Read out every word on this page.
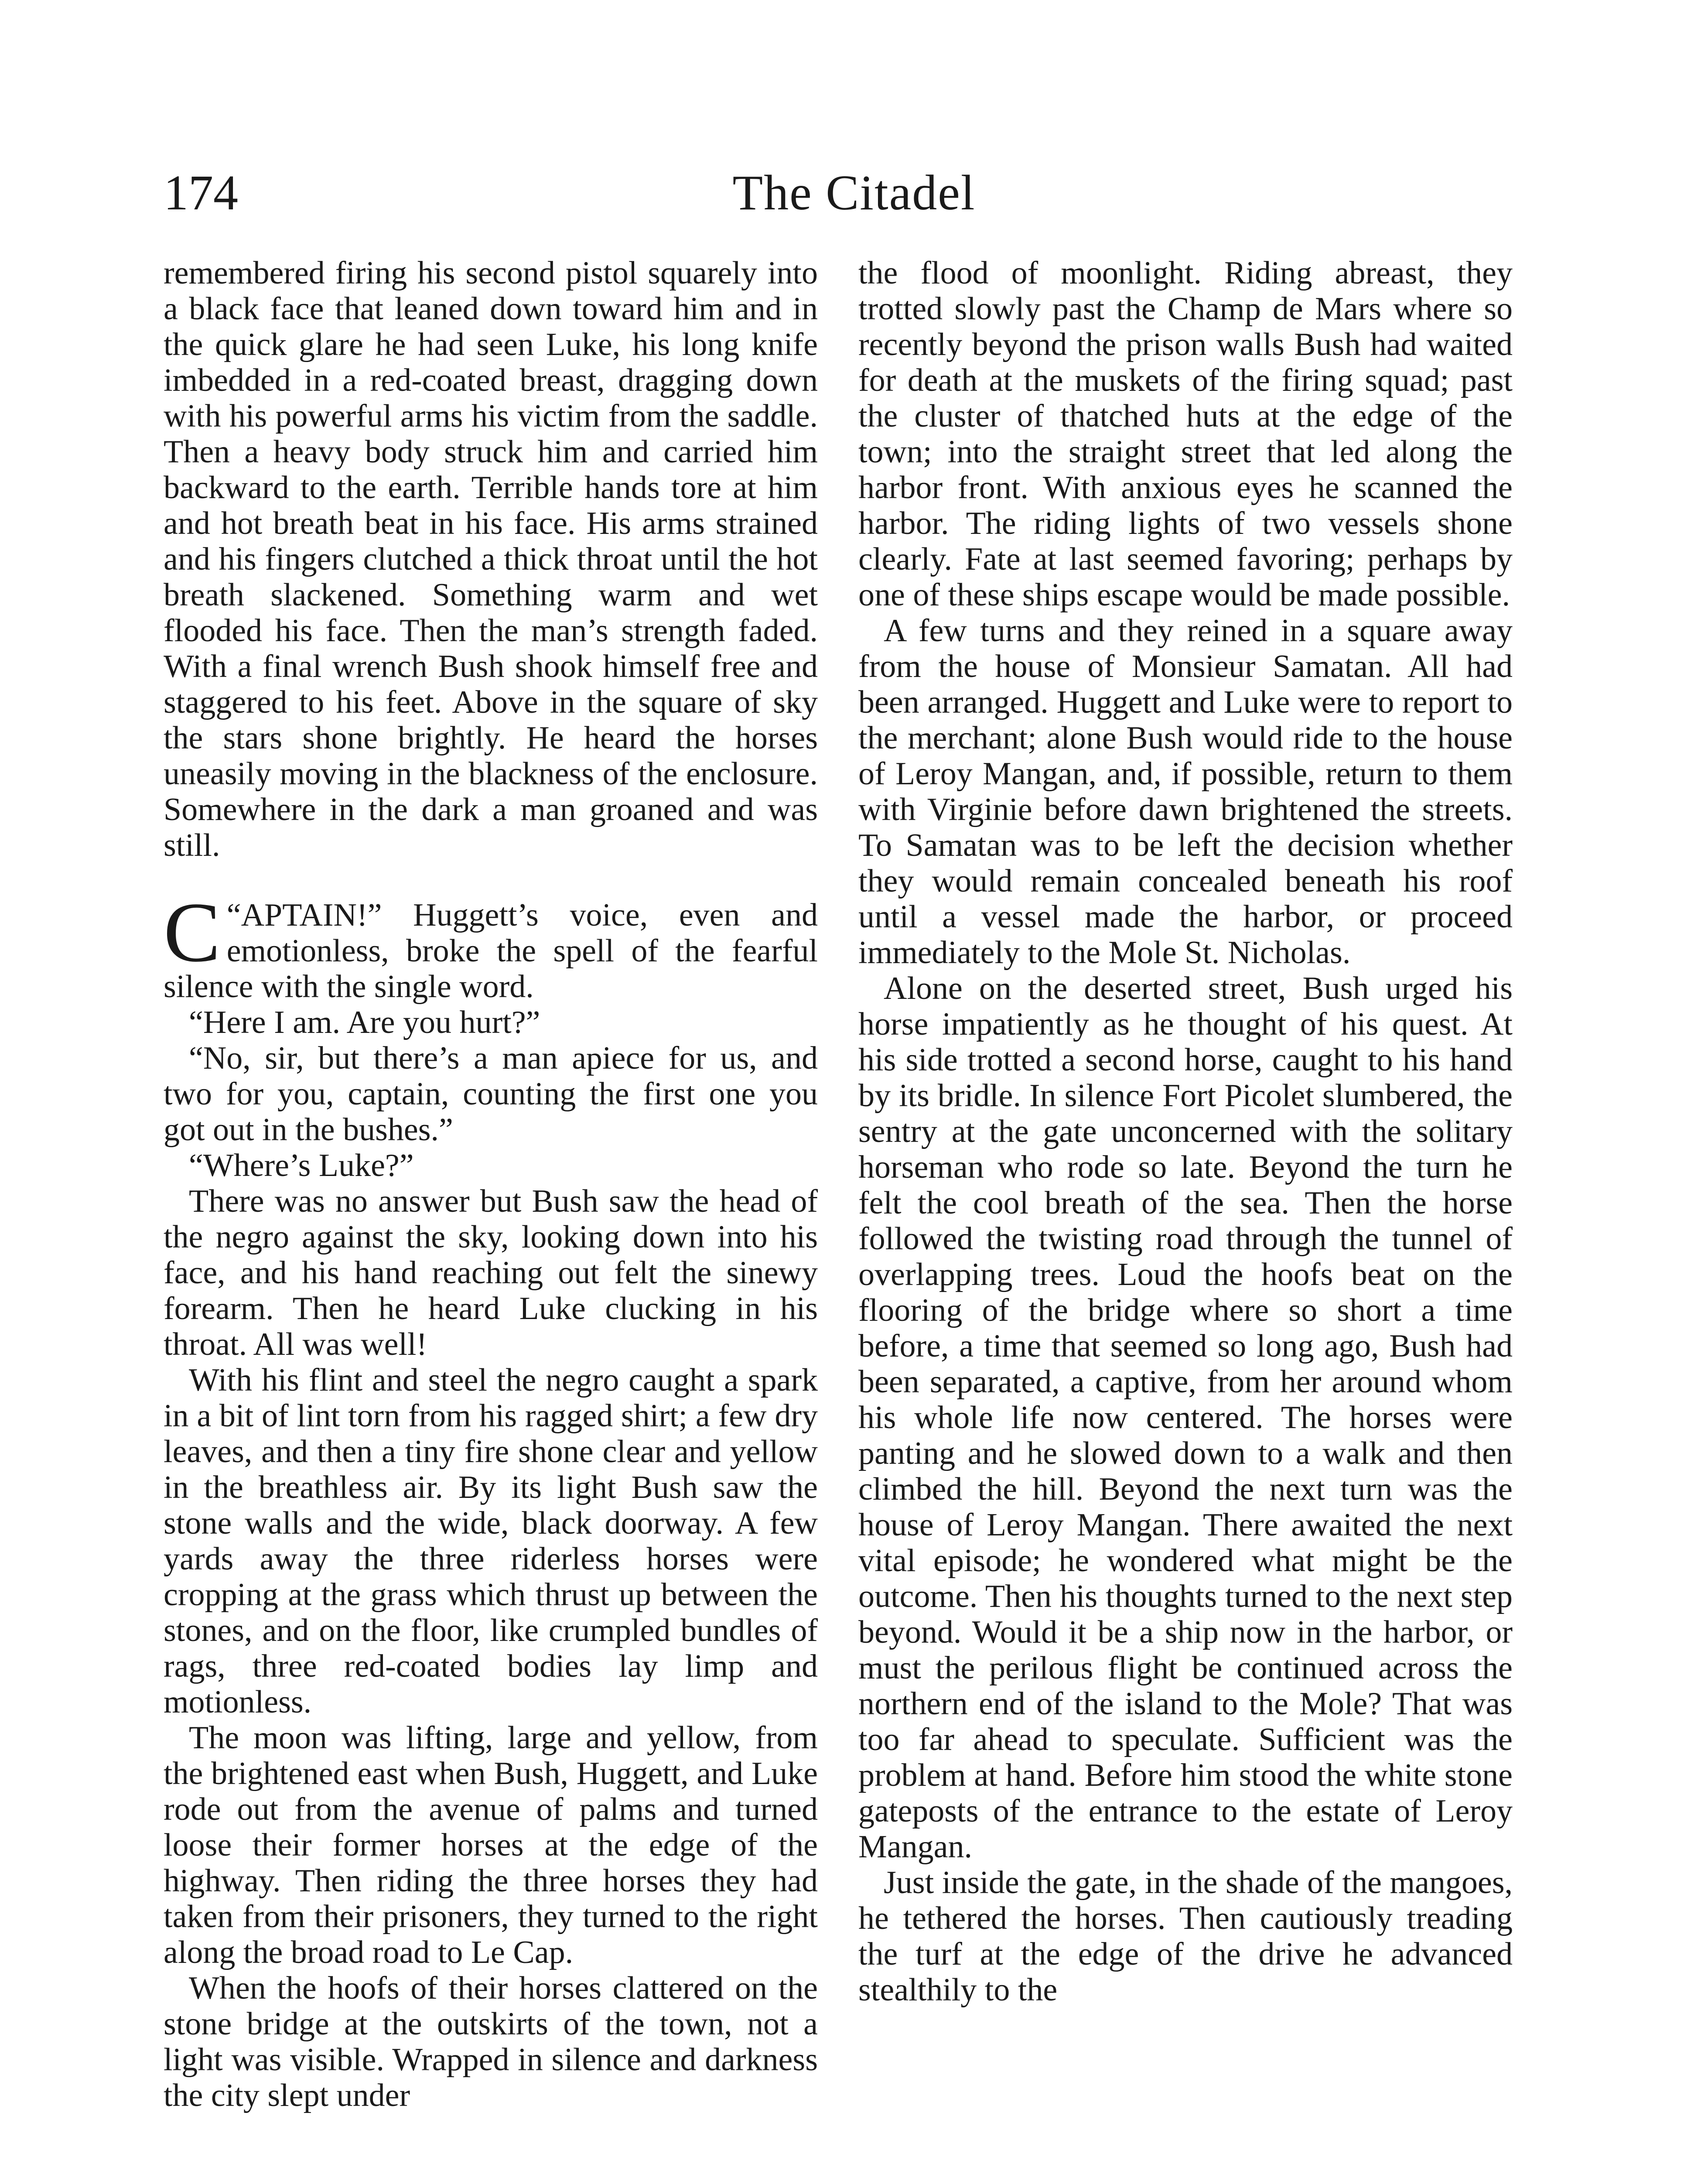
174	The Citadel

remembered firing his second pistol squarely into a black face that leaned down toward him and in the quick glare he had seen Luke, his long knife imbedded in a red-coated breast, dragging down with his powerful arms his victim from the saddle. Then a heavy body struck him and carried him backward to the earth. Terrible hands tore at him and hot breath beat in his face. His arms strained and his fingers clutched a thick throat until the hot breath slackened. Something warm and wet flooded his face. Then the man’s strength faded. With a final wrench Bush shook himself free and staggered to his feet. Above in the square of sky the stars shone brightly. He heard the horses uneasily moving in the blackness of the enclosure. Somewhere in the dark a man groaned and was still.

“
C APTAIN!” Huggett’s voice, even and emotionless, broke the spell of the fearful silence with the single word.

“Here I am. Are you hurt?”

“No, sir, but there’s a man apiece for us, and two for you, captain, counting the first one you got out in the bushes.”

“Where’s Luke?”

There was no answer but Bush saw the head of the negro against the sky, looking down into his face, and his hand reaching out felt the sinewy forearm. Then he heard Luke clucking in his throat. All was well!

With his flint and steel the negro caught a spark in a bit of lint torn from his ragged shirt; a few dry leaves, and then a tiny fire shone clear and yellow in the breathless air. By its light Bush saw the stone walls and the wide, black doorway. A few yards away the three riderless horses were cropping at the grass which thrust up between the stones, and on the floor, like crumpled bundles of rags, three red-coated bodies lay limp and motionless.

The moon was lifting, large and yellow, from the brightened east when Bush, Huggett, and Luke rode out from the avenue of palms and turned loose their former horses at the edge of the highway. Then riding the three horses they had taken from their prisoners, they turned to the right along the broad road to Le Cap.

When the hoofs of their horses clattered on the stone bridge at the outskirts of the town, not a light was visible. Wrapped in silence and darkness the city slept under

the flood of moonlight. Riding abreast, they trotted slowly past the Champ de Mars where so recently beyond the prison walls Bush had waited for death at the muskets of the firing squad; past the cluster of thatched huts at the edge of the town; into the straight street that led along the harbor front. With anxious eyes he scanned the harbor. The riding lights of two vessels shone clearly. Fate at last seemed favoring; perhaps by one of these ships escape would be made possible.

A few turns and they reined in a square away from the house of Monsieur Samatan. All had been arranged. Huggett and Luke were to report to the merchant; alone Bush would ride to the house of Leroy Mangan, and, if possible, return to them with Virginie before dawn brightened the streets. To Samatan was to be left the decision whether they would remain concealed beneath his roof until a vessel made the harbor, or proceed immediately to the Mole St. Nicholas.

Alone on the deserted street, Bush urged his horse impatiently as he thought of his quest. At his side trotted a second horse, caught to his hand by its bridle. In silence Fort Picolet slumbered, the sentry at the gate unconcerned with the solitary horseman who rode so late. Beyond the turn he felt the cool breath of the sea. Then the horse followed the twisting road through the tunnel of overlapping trees. Loud the hoofs beat on the flooring of the bridge where so short a time before, a time that seemed so long ago, Bush had been separated, a captive, from her around whom his whole life now centered. The horses were panting and he slowed down to a walk and then climbed the hill. Beyond the next turn was the house of Leroy Mangan. There awaited the next vital episode; he wondered what might be the outcome. Then his thoughts turned to the next step beyond. Would it be a ship now in the harbor, or must the perilous flight be continued across the northern end of the island to the Mole? That was too far ahead to speculate. Sufficient was the problem at hand. Before him stood the white stone gateposts of the entrance to the estate of Leroy Mangan.

Just inside the gate, in the shade of the mangoes, he tethered the horses. Then cautiously treading the turf at the edge of the drive he advanced stealthily to the
